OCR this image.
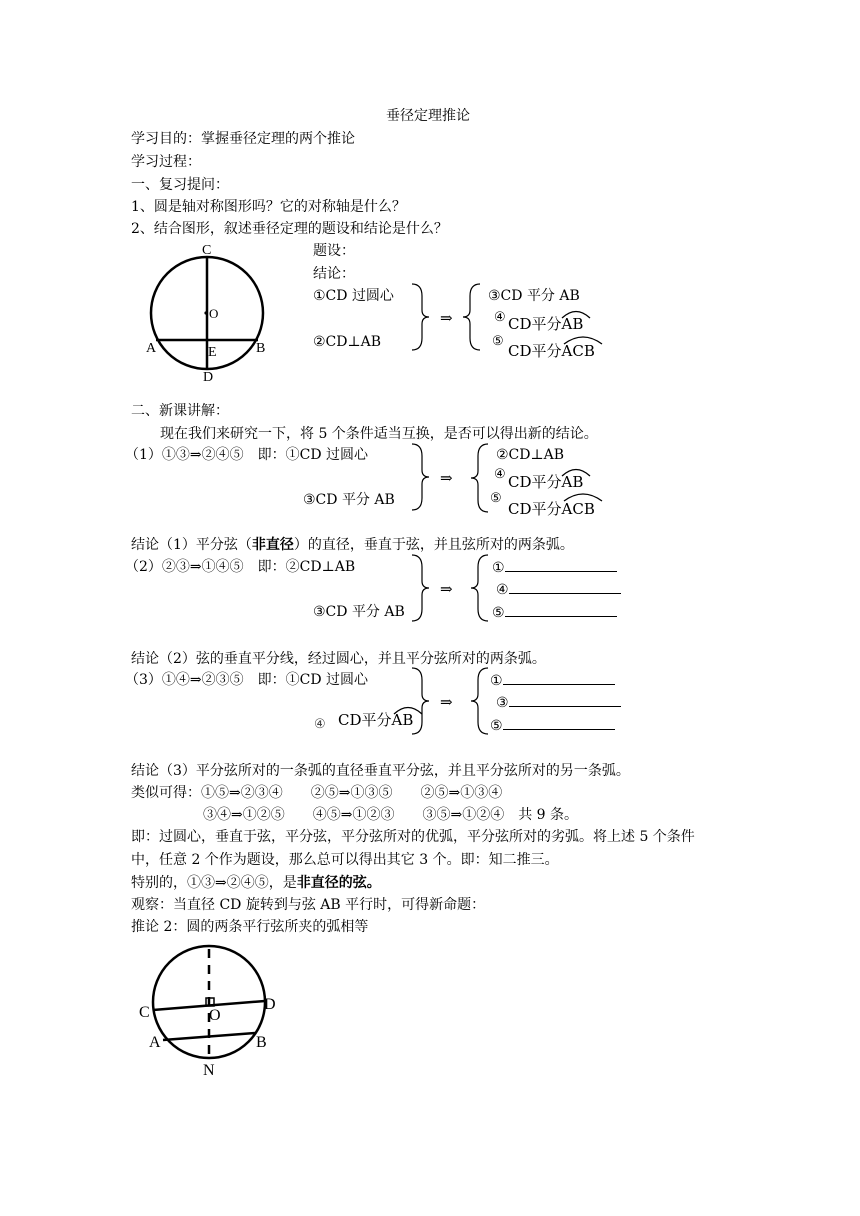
垂径定理推论
学习目的：掌握垂径定理的两个推论
学习过程：
一、复习提问：
1、圆是轴对称图形吗？它的对称轴是什么？
2、结合图形，叙述垂径定理的题设和结论是什么？
C
O
A	E	B
D
题设：
结论：
①CD 过圆心
②CD⊥AB
⇒
③CD 平分 AB
④ CD平分AB
⑤
CD平分ACB
二、新课讲解：
现在我们来研究一下，将 5 个条件适当互换，是否可以得出新的结论。
（1）①③⇒②④⑤　即：①CD 过圆心
③CD 平分 AB
⇒
②CD⊥AB
④ CD平分AB
⑤
CD平分ACB
结论（1）平分弦（非直径）的直径，垂直于弦，并且弦所对的两条弧。
（2）②③⇒①④⑤　即：②CD⊥AB
③CD 平分 AB
⇒
①
④
⑤
结论（2）弦的垂直平分线，经过圆心，并且平分弦所对的两条弧。
（3）①④⇒②③⑤　即：①CD 过圆心
④ CD平分AB
⇒
①
③
⑤
结论（3）平分弦所对的一条弧的直径垂直平分弦，并且平分弦所对的另一条弧。
类似可得：①⑤⇒②③④　　②⑤⇒①③⑤　　②⑤⇒①③④
③④⇒①②⑤　　④⑤⇒①②③　　③⑤⇒①②④　共 9 条。
即：过圆心，垂直于弦，平分弦，平分弦所对的优弧，平分弦所对的劣弧。将上述 5 个条件
中，任意 2 个作为题设，那么总可以得出其它 3 个。即：知二推三。
特别的，①③⇒②④⑤，是非直径的弦。
观察：当直径 CD 旋转到与弦 AB 平行时，可得新命题：
推论 2：圆的两条平行弦所夹的弧相等
C	O
D
A	B
N
